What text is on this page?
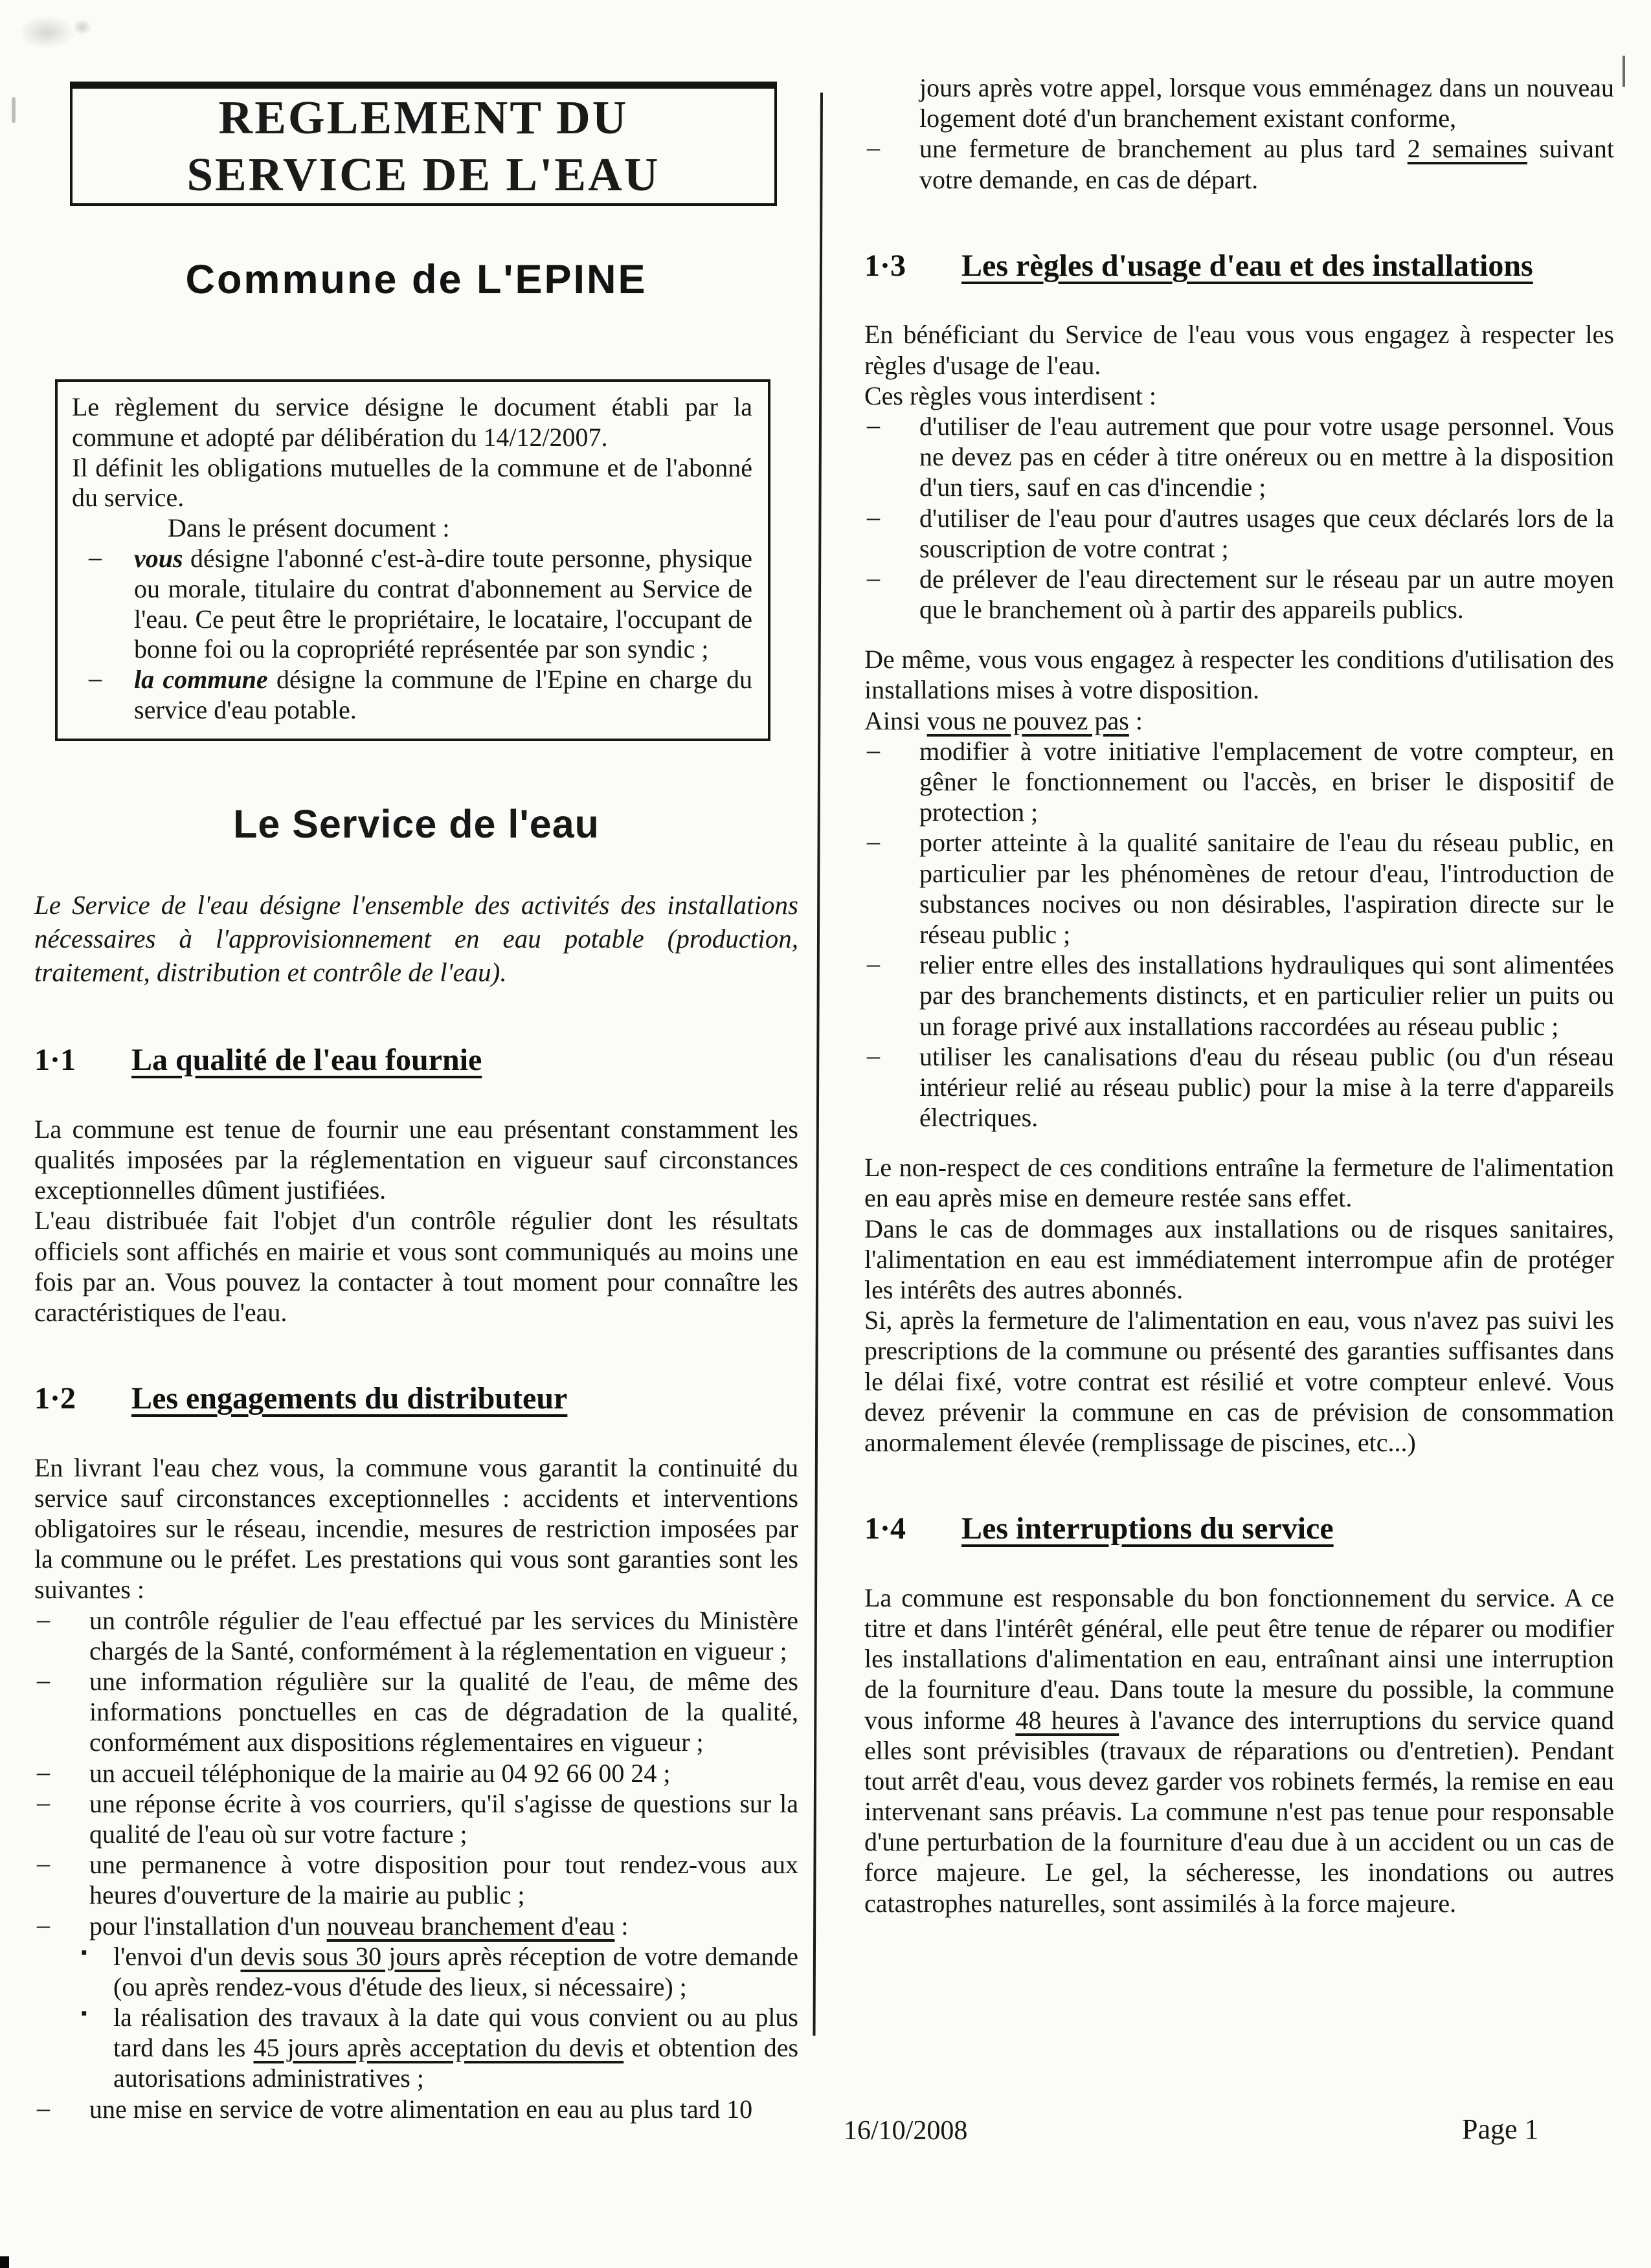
REGLEMENT DU
SERVICE DE L'EAU
Commune de L'EPINE
Le règlement du service désigne le document établi par la commune et adopté par délibération du 14/12/2007.
Il définit les obligations mutuelles de la commune et de l'abonné du service.
Dans le présent document :
vous désigne l'abonné c'est-à-dire toute personne, physique ou morale, titulaire du contrat d'abonnement au Service de l'eau. Ce peut être le propriétaire, le locataire, l'occupant de bonne foi ou la copropriété représentée par son syndic ;
–
la commune désigne la commune de l'Epine en charge du service d'eau potable.
–
Le Service de l'eau
Le Service de l'eau désigne l'ensemble des activités des installations nécessaires à l'approvisionnement en eau potable (production, traitement, distribution et contrôle de l'eau).
1·1	La qualité de l'eau fournie
La commune est tenue de fournir une eau présentant constamment les qualités imposées par la réglementation en vigueur sauf circonstances exceptionnelles dûment justifiées.
L'eau distribuée fait l'objet d'un contrôle régulier dont les résultats officiels sont affichés en mairie et vous sont communiqués au moins une fois par an. Vous pouvez la contacter à tout moment pour connaître les caractéristiques de l'eau.
1·2	Les engagements du distributeur
En livrant l'eau chez vous, la commune vous garantit la continuité du service sauf circonstances exceptionnelles : accidents et interventions obligatoires sur le réseau, incendie, mesures de restriction imposées par la commune ou le préfet. Les prestations qui vous sont garanties sont les suivantes :
un contrôle régulier de l'eau effectué par les services du Ministère chargés de la Santé, conformément à la réglementation en vigueur ;
–
une information régulière sur la qualité de l'eau, de même des informations ponctuelles en cas de dégradation de la qualité, conformément aux dispositions réglementaires en vigueur ;
–
un accueil téléphonique de la mairie au 04 92 66 00 24 ;
–
une réponse écrite à vos courriers, qu'il s'agisse de questions sur la qualité de l'eau où sur votre facture ;
–
une permanence à votre disposition pour tout rendez-vous aux heures d'ouverture de la mairie au public ;
–
pour l'installation d'un nouveau branchement d'eau :
–
l'envoi d'un devis sous 30 jours après réception de votre demande (ou après rendez-vous d'étude des lieux, si nécessaire) ;
▪
la réalisation des travaux à la date qui vous convient ou au plus tard dans les 45 jours après acceptation du devis et obtention des autorisations administratives ;
▪
une mise en service de votre alimentation en eau au plus tard 10
–
jours après votre appel, lorsque vous emménagez dans un nouveau logement doté d'un branchement existant conforme,
une fermeture de branchement au plus tard 2 semaines suivant votre demande, en cas de départ.
–
1·3	Les règles d'usage d'eau et des installations
En bénéficiant du Service de l'eau vous vous engagez à respecter les règles d'usage de l'eau.
Ces règles vous interdisent :
d'utiliser de l'eau autrement que pour votre usage personnel. Vous ne devez pas en céder à titre onéreux ou en mettre à la disposition d'un tiers, sauf en cas d'incendie ;
–
d'utiliser de l'eau pour d'autres usages que ceux déclarés lors de la souscription de votre contrat ;
–
de prélever de l'eau directement sur le réseau par un autre moyen que le branchement où à partir des appareils publics.
–
De même, vous vous engagez à respecter les conditions d'utilisation des installations mises à votre disposition.
Ainsi vous ne pouvez pas :
modifier à votre initiative l'emplacement de votre compteur, en gêner le fonctionnement ou l'accès, en briser le dispositif de protection ;
–
porter atteinte à la qualité sanitaire de l'eau du réseau public, en particulier par les phénomènes de retour d'eau, l'introduction de substances nocives ou non désirables, l'aspiration directe sur le réseau public ;
–
relier entre elles des installations hydrauliques qui sont alimentées par des branchements distincts, et en particulier relier un puits ou un forage privé aux installations raccordées au réseau public ;
–
utiliser les canalisations d'eau du réseau public (ou d'un réseau intérieur relié au réseau public) pour la mise à la terre d'appareils électriques.
–
Le non-respect de ces conditions entraîne la fermeture de l'alimentation en eau après mise en demeure restée sans effet.
Dans le cas de dommages aux installations ou de risques sanitaires, l'alimentation en eau est immédiatement interrompue afin de protéger les intérêts des autres abonnés.
Si, après la fermeture de l'alimentation en eau, vous n'avez pas suivi les prescriptions de la commune ou présenté des garanties suffisantes dans le délai fixé, votre contrat est résilié et votre compteur enlevé. Vous devez prévenir la commune en cas de prévision de consommation anormalement élevée (remplissage de piscines, etc...)
1·4	Les interruptions du service
La commune est responsable du bon fonctionnement du service. A ce titre et dans l'intérêt général, elle peut être tenue de réparer ou modifier les installations d'alimentation en eau, entraînant ainsi une interruption de la fourniture d'eau. Dans toute la mesure du possible, la commune vous informe 48 heures à l'avance des interruptions du service quand elles sont prévisibles (travaux de réparations ou d'entretien). Pendant tout arrêt d'eau, vous devez garder vos robinets fermés, la remise en eau intervenant sans préavis. La commune n'est pas tenue pour responsable d'une perturbation de la fourniture d'eau due à un accident ou un cas de force majeure. Le gel, la sécheresse, les inondations ou autres catastrophes naturelles, sont assimilés à la force majeure.
16/10/2008	Page 1
